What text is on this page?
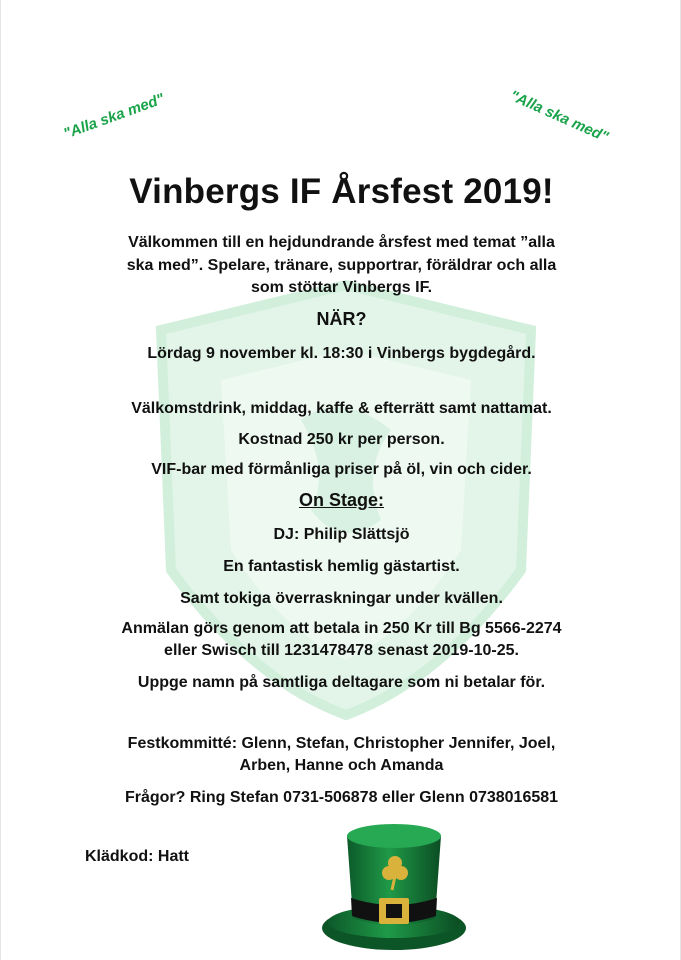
"Alla ska med"	"Alla ska med"
Vinbergs IF Årsfest 2019!
Välkommen till en hejdundrande årsfest med temat ”alla
ska med”. Spelare, tränare, supportrar, föräldrar och alla
som stöttar Vinbergs IF.
NÄR?
Lördag 9 november kl. 18:30 i Vinbergs bygdegård.
Välkomstdrink, middag, kaffe & efterrätt samt nattamat.
Kostnad 250 kr per person.
VIF-bar med förmånliga priser på öl, vin och cider.
On Stage:
DJ: Philip Slättsjö
En fantastisk hemlig gästartist.
Samt tokiga överraskningar under kvällen.
Anmälan görs genom att betala in 250 Kr till Bg 5566-2274
eller Swisch till 1231478478 senast 2019-10-25.
Uppge namn på samtliga deltagare som ni betalar för.
Festkommitté: Glenn, Stefan, Christopher Jennifer, Joel,
Arben, Hanne och Amanda
Frågor? Ring Stefan 0731-506878 eller Glenn 0738016581
Klädkod: Hatt
